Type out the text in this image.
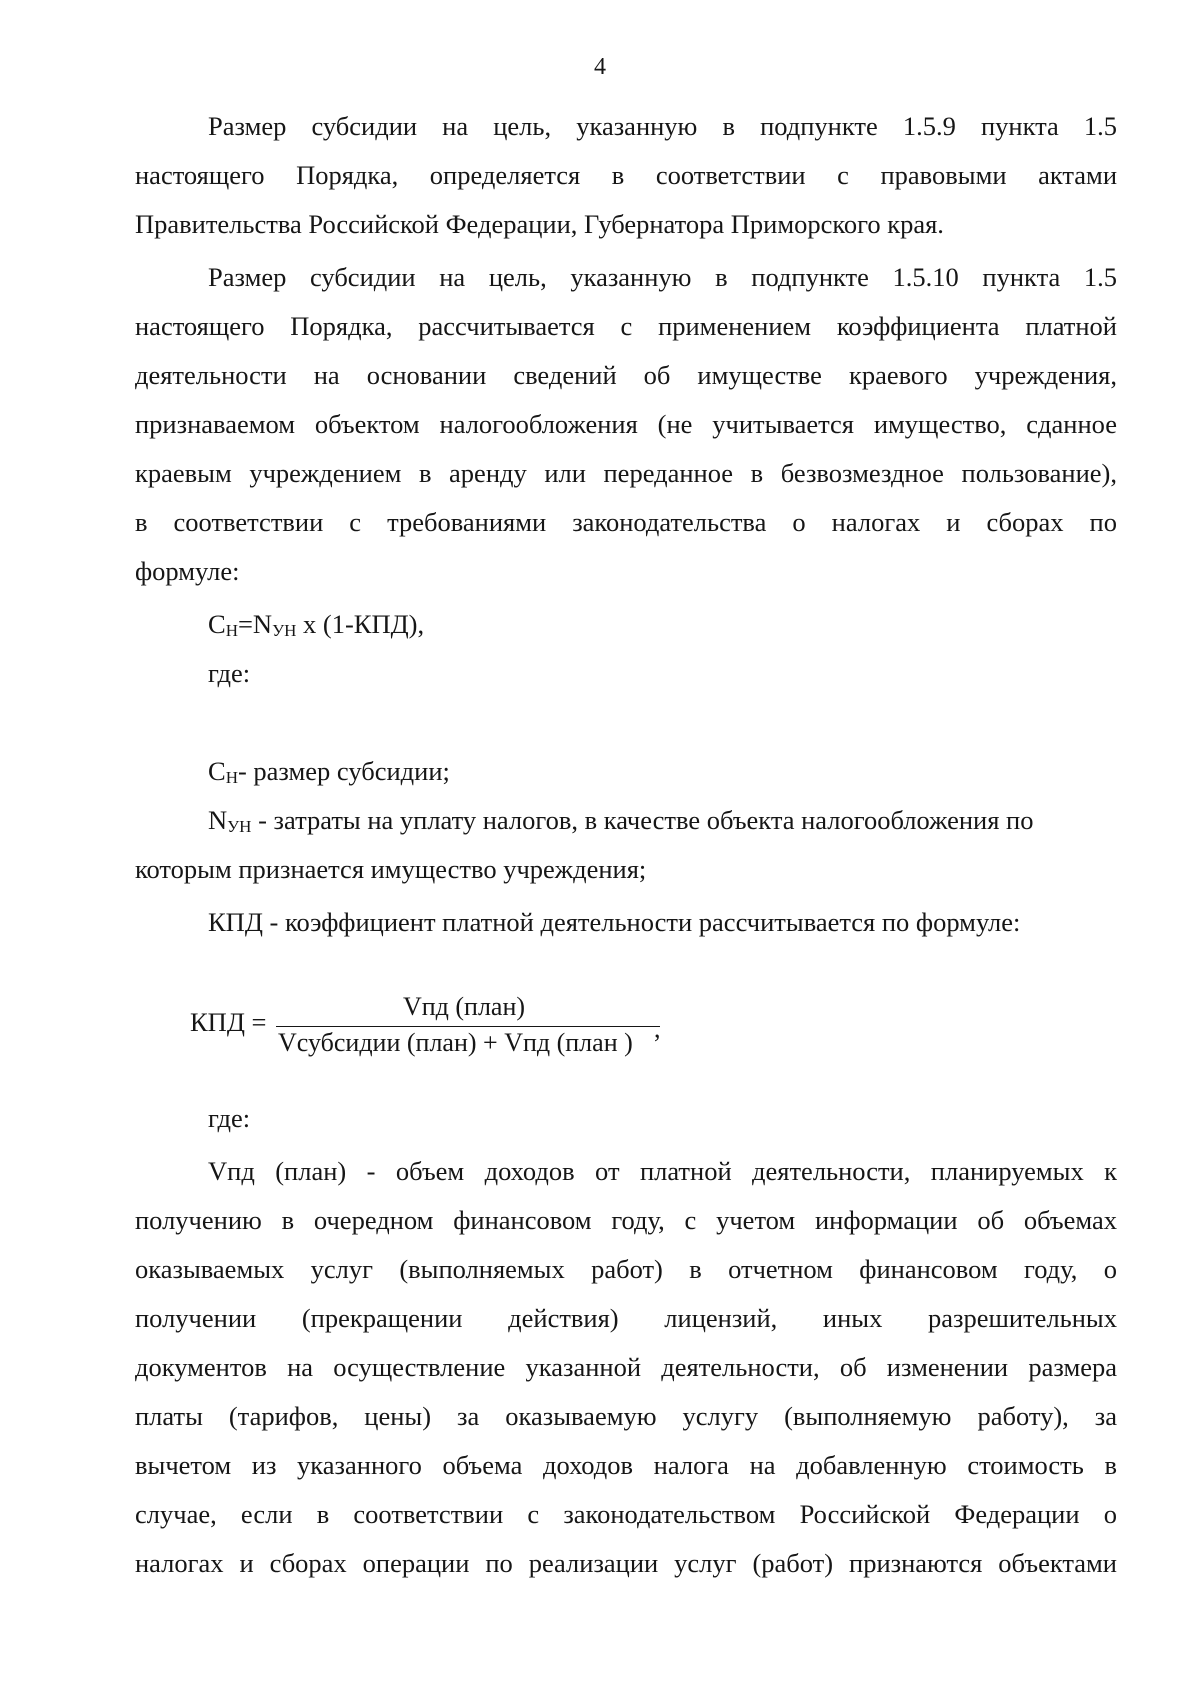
4
Размер субсидии на цель, указанную в подпункте 1.5.9 пункта 1.5
настоящего Порядка, определяется в соответствии с правовыми актами
Правительства Российской Федерации, Губернатора Приморского края.
Размер субсидии на цель, указанную в подпункте 1.5.10 пункта 1.5
настоящего Порядка, рассчитывается с применением коэффициента платной
деятельности на основании сведений об имуществе краевого учреждения,
признаваемом объектом налогообложения (не учитывается имущество, сданное
краевым учреждением в аренду или переданное в безвозмездное пользование),
в соответствии с требованиями законодательства о налогах и сборах по
формуле:
$С_Н=N_{УН}$ х (1-КПД),
где:
$С_Н-$ размер субсидии;
$N_{УН}$ - затраты на уплату налогов, в качестве объекта налогообложения по
которым признается имущество учреждения;
КПД - коэффициент платной деятельности рассчитывается по формуле:
КПД =
Vпд (план)
Vсубсидии (план) + Vпд (план ) ,
где:
Vпд (план) - объем доходов от платной деятельности, планируемых к
получению в очередном финансовом году, с учетом информации об объемах
оказываемых услуг (выполняемых работ) в отчетном финансовом году, о
получении (прекращении действия) лицензий, иных разрешительных
документов на осуществление указанной деятельности, об изменении размера
платы (тарифов, цены) за оказываемую услугу (выполняемую работу), за
вычетом из указанного объема доходов налога на добавленную стоимость в
случае, если в соответствии с законодательством Российской Федерации о
налогах и сборах операции по реализации услуг (работ) признаются объектами
